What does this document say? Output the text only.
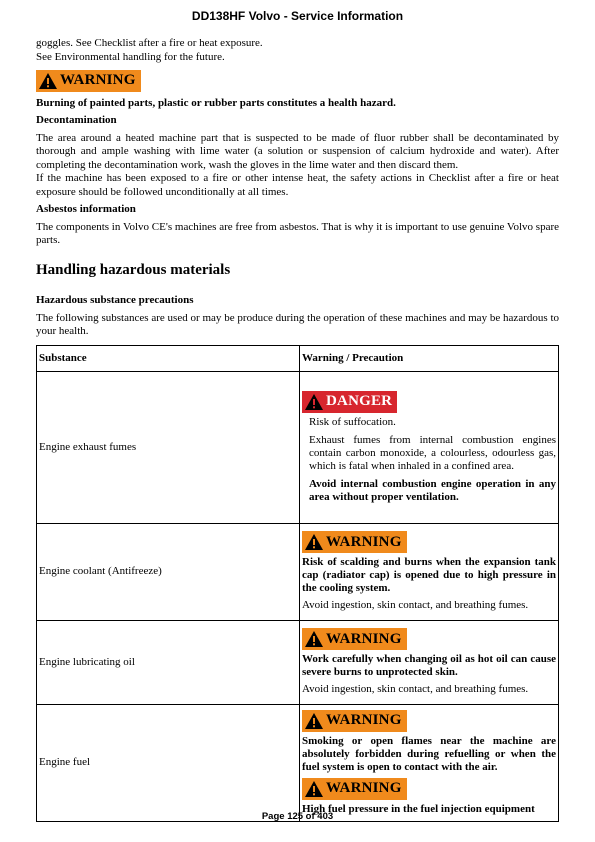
DD138HF Volvo - Service Information

goggles. See Checklist after a fire or heat exposure.

See Environmental handling for the future.

WARNING

Burning of painted parts, plastic or rubber parts constitutes a health hazard.

Decontamination

The area around a heated machine part that is suspected to be made of fluor rubber shall be decontaminated by thorough and ample washing with lime water (a solution or suspension of calcium hydroxide and water). After completing the decontamination work, wash the gloves in the lime water and then discard them.

If the machine has been exposed to a fire or other intense heat, the safety actions in Checklist after a fire or heat exposure should be followed unconditionally at all times.

Asbestos information

The components in Volvo CE's machines are free from asbestos. That is why it is important to use genuine Volvo spare parts.

Handling hazardous materials

Hazardous substance precautions

The following substances are used or may be produce during the operation of these machines and may be hazardous to your health.

Substance	Warning / Precaution
Engine exhaust fumes	DANGER

Risk of suffocation.

Exhaust fumes from internal combustion engines contain carbon monoxide, a colourless, odourless gas, which is fatal when inhaled in a confined area.

Avoid internal combustion engine operation in any area without proper ventilation.

Engine coolant (Antifreeze)	WARNING

Risk of scalding and burns when the expansion tank cap (radiator cap) is opened due to high pressure in the cooling system.

Avoid ingestion, skin contact, and breathing fumes.

Engine lubricating oil	WARNING

Work carefully when changing oil as hot oil can cause severe burns to unprotected skin.

Avoid ingestion, skin contact, and breathing fumes.

Engine fuel	WARNING

Smoking or open flames near the machine are absolutely forbidden during refuelling or when the fuel system is open to contact with the air.

WARNING

High fuel pressure in the fuel injection equipment

Page 125 of 403
